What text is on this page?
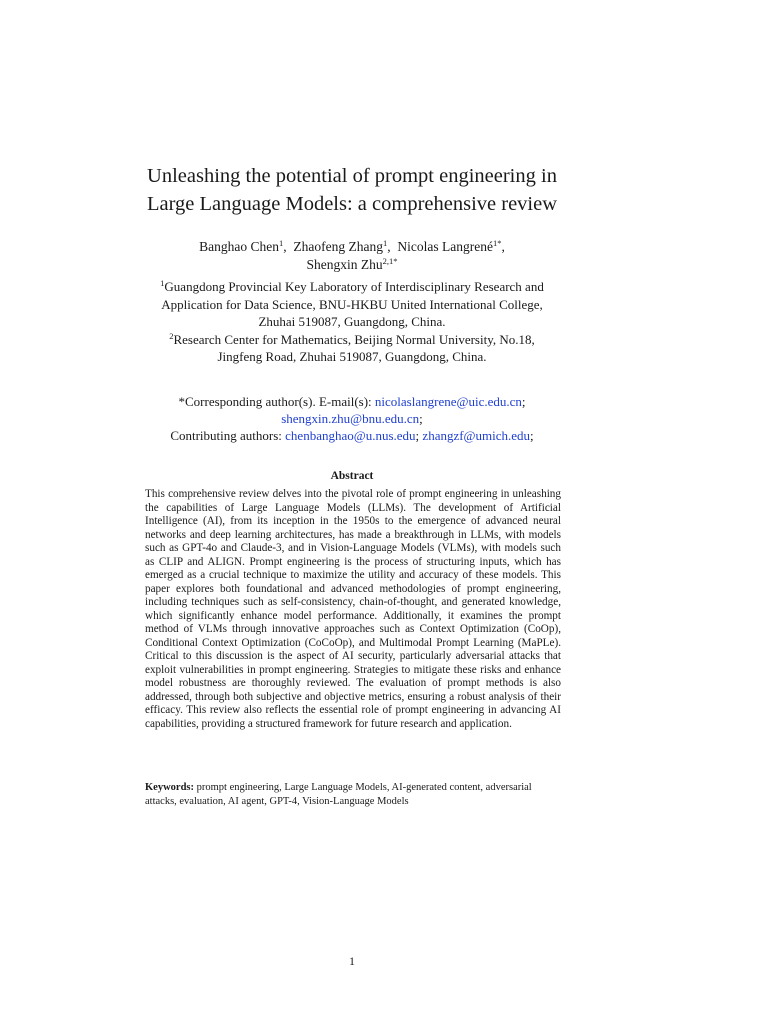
Unleashing the potential of prompt engineering in
Large Language Models: a comprehensive review
Banghao Chen$^1$,  Zhaofeng Zhang$^1$,  Nicolas Langrené$^{1*}$,
Shengxin Zhu$^{2,1*}$
$^1$Guangdong Provincial Key Laboratory of Interdisciplinary Research and
Application for Data Science, BNU-HKBU United International College,
Zhuhai 519087, Guangdong, China.
$^2$Research Center for Mathematics, Beijing Normal University, No.18,
Jingfeng Road, Zhuhai 519087, Guangdong, China.
*Corresponding author(s). E-mail(s): nicolaslangrene@uic.edu.cn;
shengxin.zhu@bnu.edu.cn;
Contributing authors: chenbanghao@u.nus.edu; zhangzf@umich.edu;
Abstract

This comprehensive review delves into the pivotal role of prompt engineering in unleashing the capabilities of Large Language Models (LLMs). The development of Artificial Intelligence (AI), from its inception in the 1950s to the emergence of advanced neural networks and deep learning architectures, has made a breakthrough in LLMs, with models such as GPT-4o and Claude-3, and in Vision-Language Models (VLMs), with models such as CLIP and ALIGN. Prompt engineering is the process of structuring inputs, which has emerged as a crucial technique to maximize the utility and accuracy of these models. This paper explores both foundational and advanced methodologies of prompt engineering, including techniques such as self-consistency, chain-of-thought, and generated knowledge, which significantly enhance model performance. Additionally, it examines the prompt method of VLMs through innovative approaches such as Context Optimization (CoOp), Conditional Context Optimization (CoCoOp), and Multimodal Prompt Learning (MaPLe). Critical to this discussion is the aspect of AI security, particularly adversarial attacks that exploit vulnerabilities in prompt engineering. Strategies to mitigate these risks and enhance model robustness are thoroughly reviewed. The evaluation of prompt methods is also addressed, through both subjective and objective metrics, ensuring a robust analysis of their efficacy. This review also reflects the essential role of prompt engineering in advancing AI capabilities, providing a structured framework for future research and application.

Keywords: prompt engineering, Large Language Models, AI-generated content, adversarial attacks, evaluation, AI agent, GPT-4, Vision-Language Models
1
